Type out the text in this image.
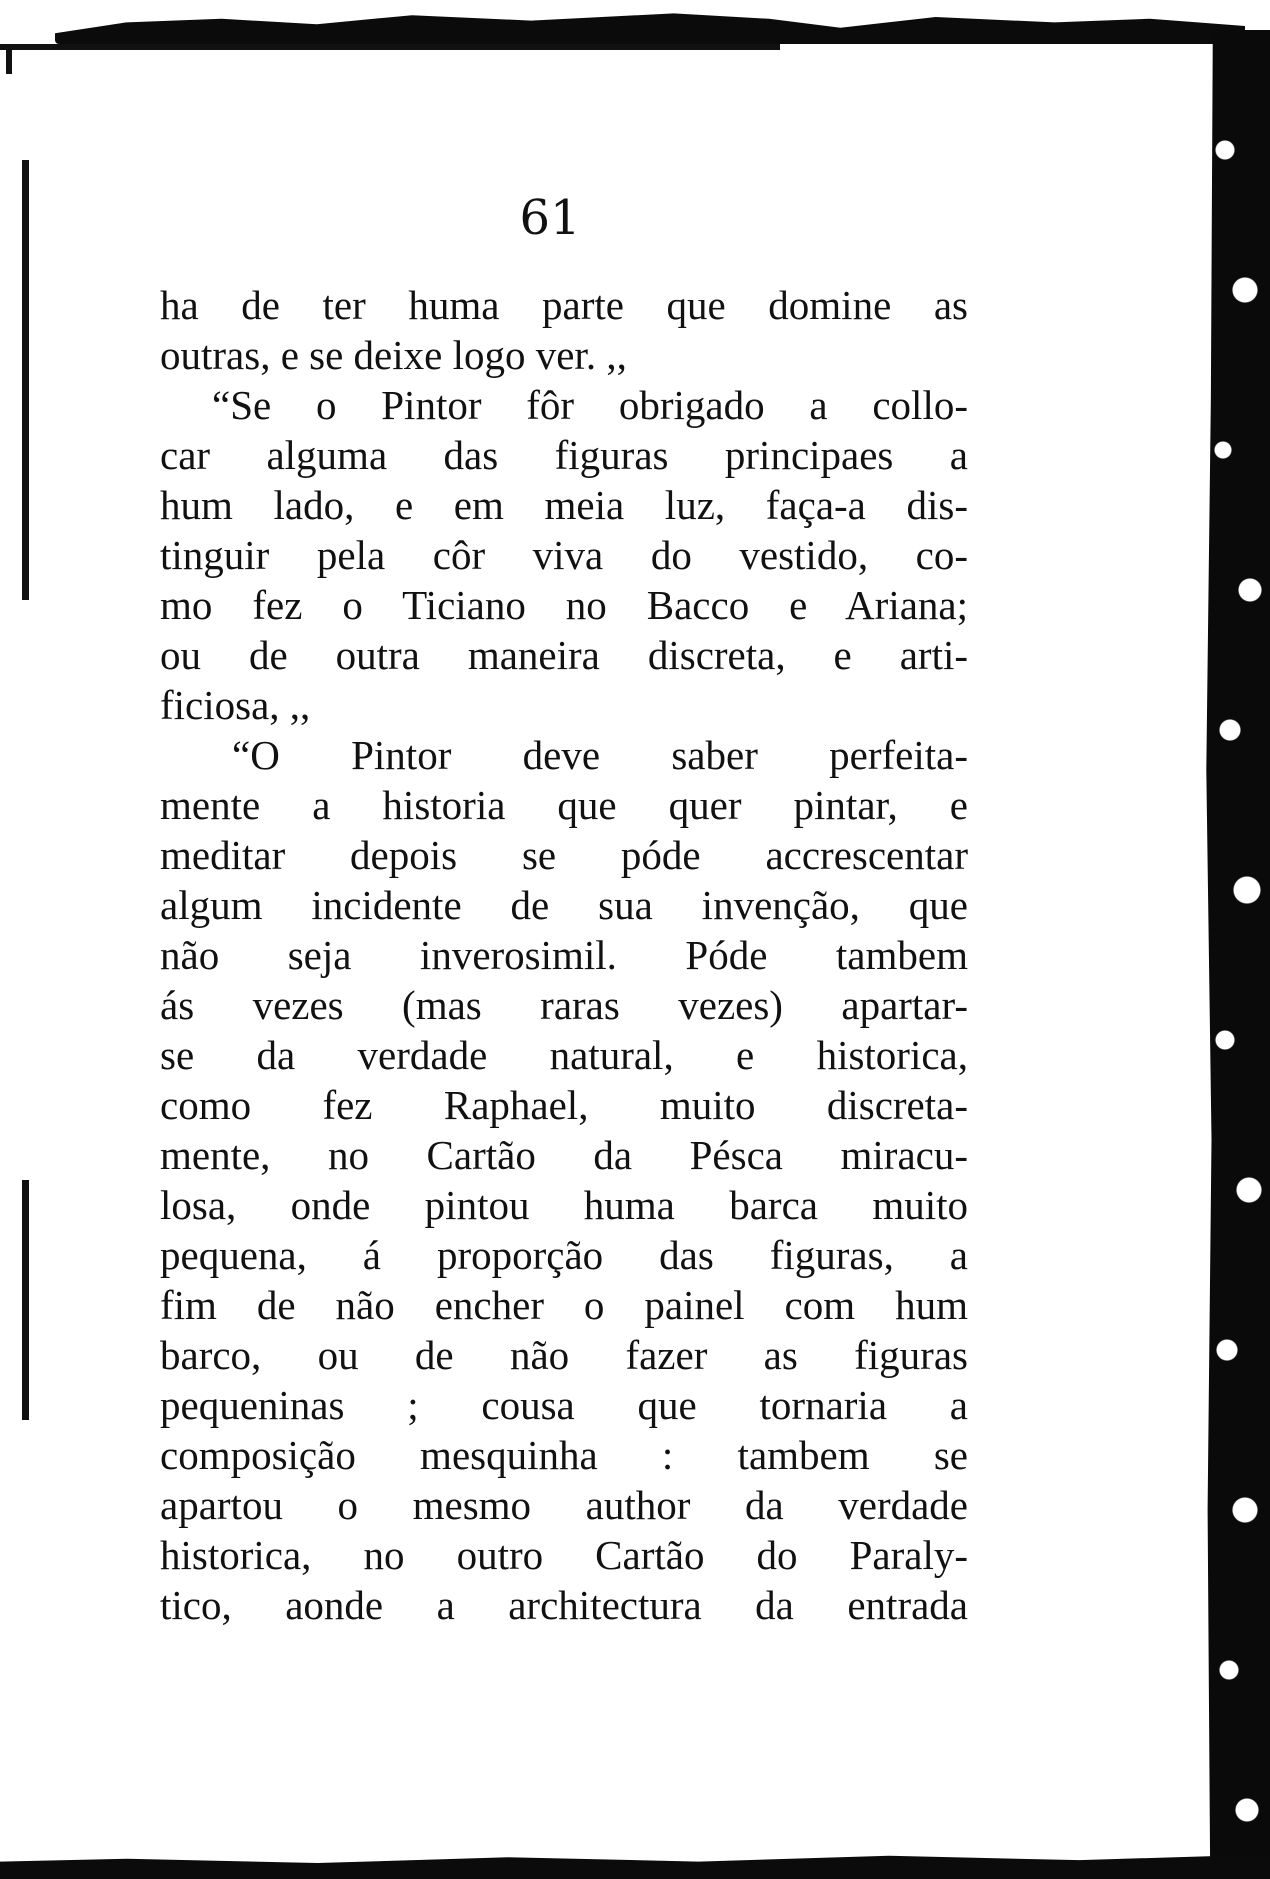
61
ha de ter huma parte que domine as
outras, e se deixe logo ver. ,,
“Se o Pintor fôr obrigado a collo-
car alguma das figuras principaes a
hum lado, e em meia luz, faça-a dis-
tinguir pela côr viva do vestido, co-
mo fez o Ticiano no Bacco e Ariana;
ou de outra maneira discreta, e arti-
ficiosa, ,,
“O Pintor deve saber perfeita-
mente a historia que quer pintar, e
meditar depois se póde accrescentar
algum incidente de sua invenção, que
não seja inverosimil. Póde tambem
ás vezes (mas raras vezes) apartar-
se da verdade natural, e historica,
como fez Raphael, muito discreta-
mente, no Cartão da Pésca miracu-
losa, onde pintou huma barca muito
pequena, á proporção das figuras, a
fim de não encher o painel com hum
barco, ou de não fazer as figuras
pequeninas ; cousa que tornaria a
composição mesquinha : tambem se
apartou o mesmo author da verdade
historica, no outro Cartão do Paraly-
tico, aonde a architectura da entrada
